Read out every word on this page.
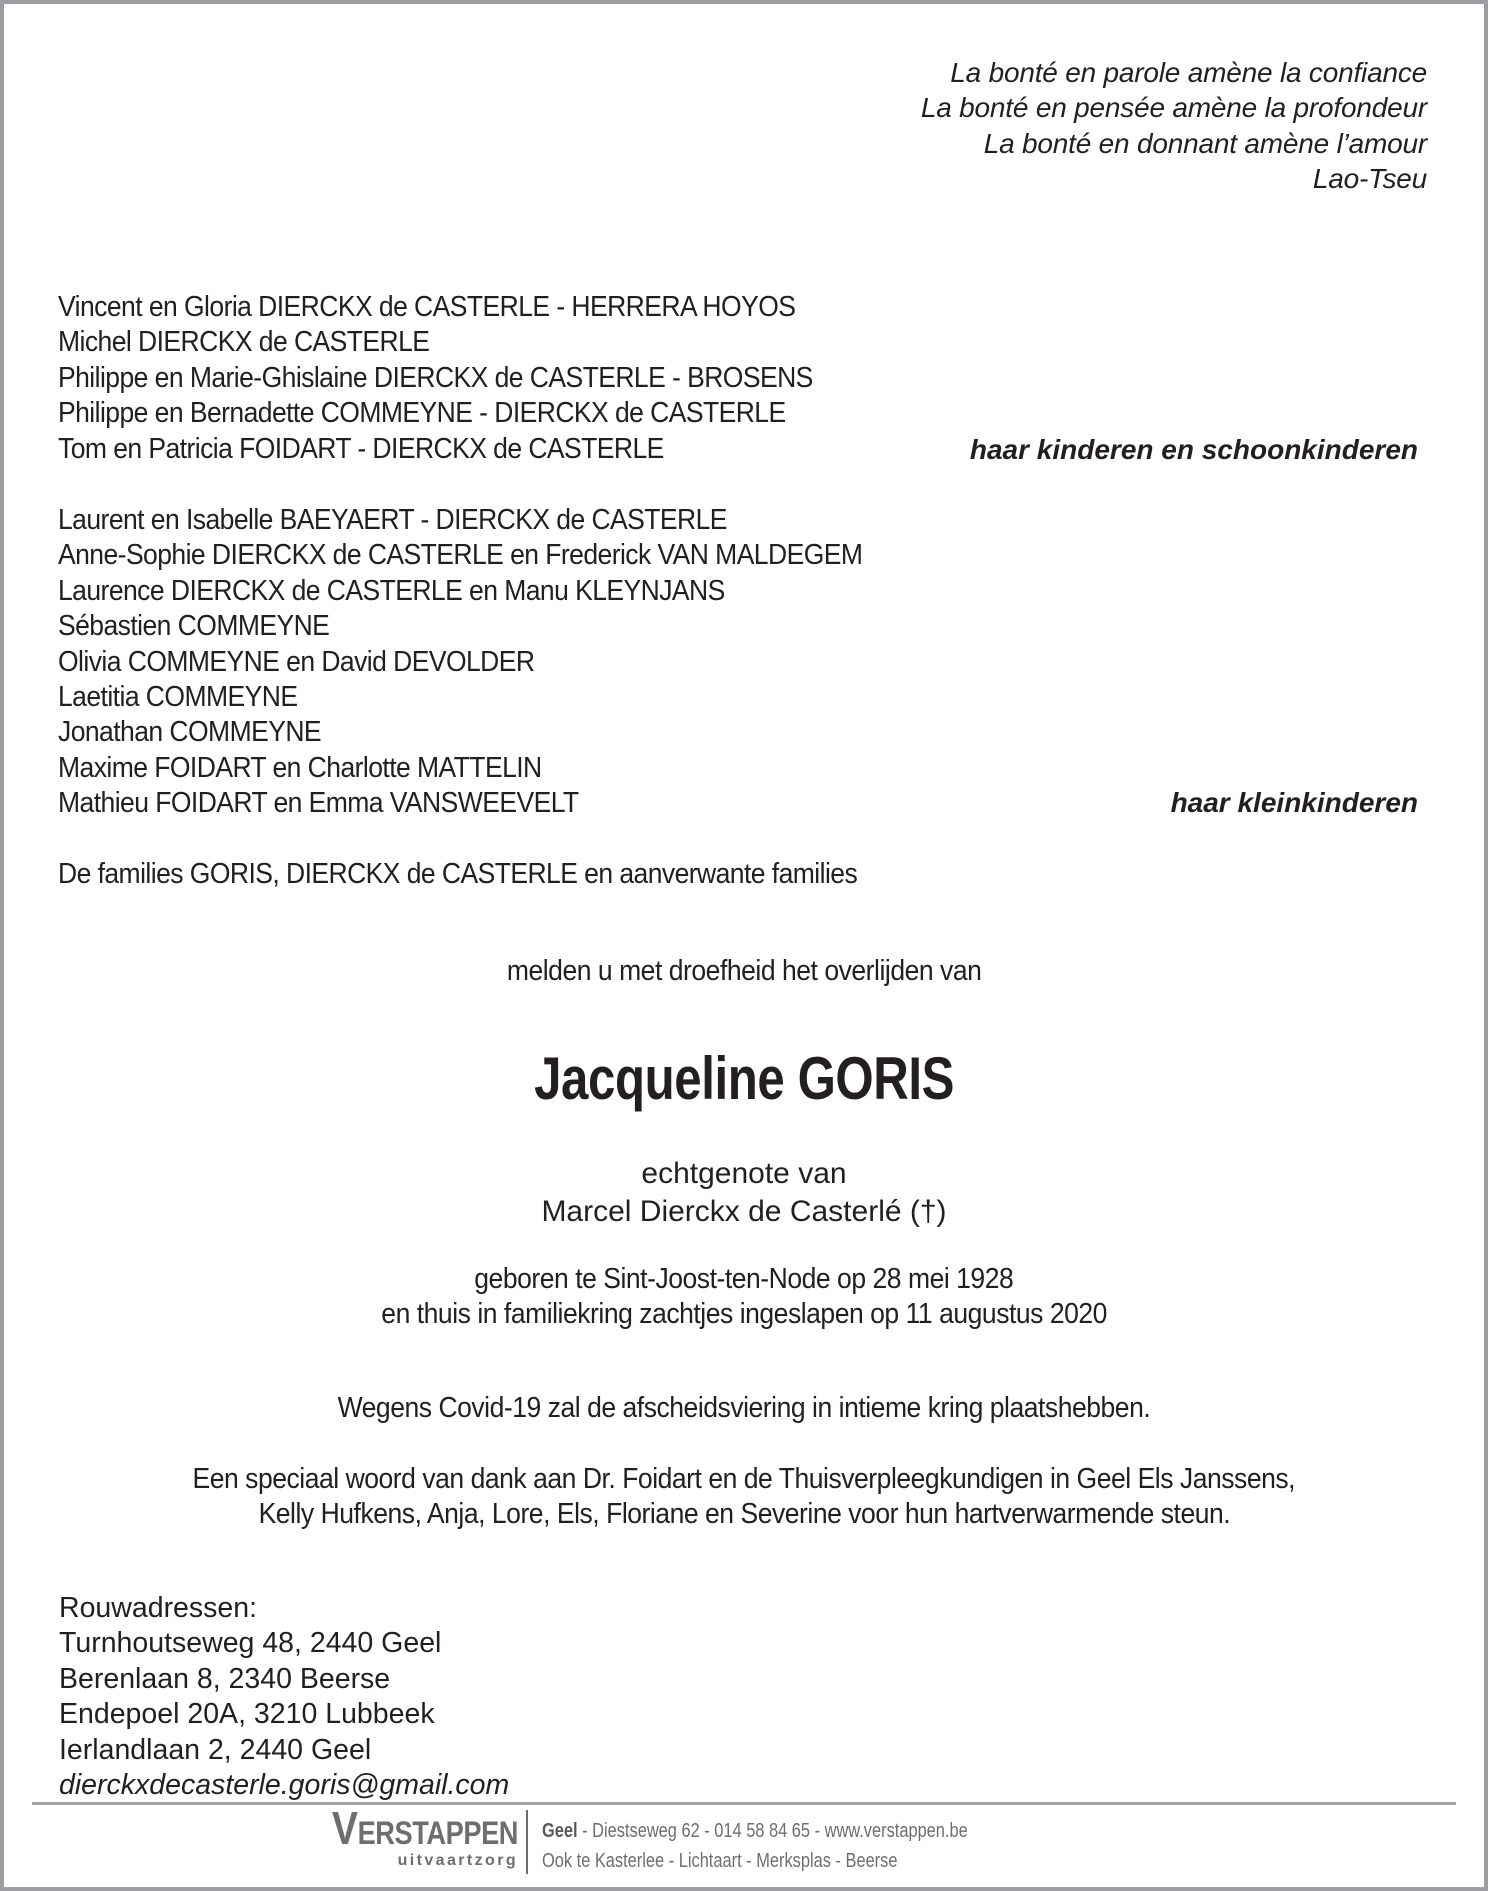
La bonté en parole amène la confiance
La bonté en pensée amène la profondeur
La bonté en donnant amène l’amour
Lao-Tseu
Vincent en Gloria DIERCKX de CASTERLE - HERRERA HOYOS
Michel DIERCKX de CASTERLE
Philippe en Marie-Ghislaine DIERCKX de CASTERLE - BROSENS
Philippe en Bernadette COMMEYNE - DIERCKX de CASTERLE
Tom en Patricia FOIDART - DIERCKX de CASTERLE	haar kinderen en schoonkinderen
Laurent en Isabelle BAEYAERT - DIERCKX de CASTERLE
Anne-Sophie DIERCKX de CASTERLE en Frederick VAN MALDEGEM
Laurence DIERCKX de CASTERLE en Manu KLEYNJANS
Sébastien COMMEYNE
Olivia COMMEYNE en David DEVOLDER
Laetitia COMMEYNE
Jonathan COMMEYNE
Maxime FOIDART en Charlotte MATTELIN
Mathieu FOIDART en Emma VANSWEEVELT	haar kleinkinderen
De families GORIS, DIERCKX de CASTERLE en aanverwante families
melden u met droefheid het overlijden van
Jacqueline GORIS
echtgenote van
Marcel Dierckx de Casterlé (†)
geboren te Sint-Joost-ten-Node op 28 mei 1928
en thuis in familiekring zachtjes ingeslapen op 11 augustus 2020
Wegens Covid-19 zal de afscheidsviering in intieme kring plaatshebben.
Een speciaal woord van dank aan Dr. Foidart en de Thuisverpleegkundigen in Geel Els Janssens,
Kelly Hufkens, Anja, Lore, Els, Floriane en Severine voor hun hartverwarmende steun.
Rouwadressen:
Turnhoutseweg 48, 2440 Geel
Berenlaan 8, 2340 Beerse
Endepoel 20A, 3210 Lubbeek
Ierlandlaan 2, 2440 Geel
dierckxdecasterle.goris@gmail.com
VERSTAPPEN
uitvaartzorg
Geel - Diestseweg 62 - 014 58 84 65 - www.verstappen.be
Ook te Kasterlee - Lichtaart - Merksplas - Beerse
